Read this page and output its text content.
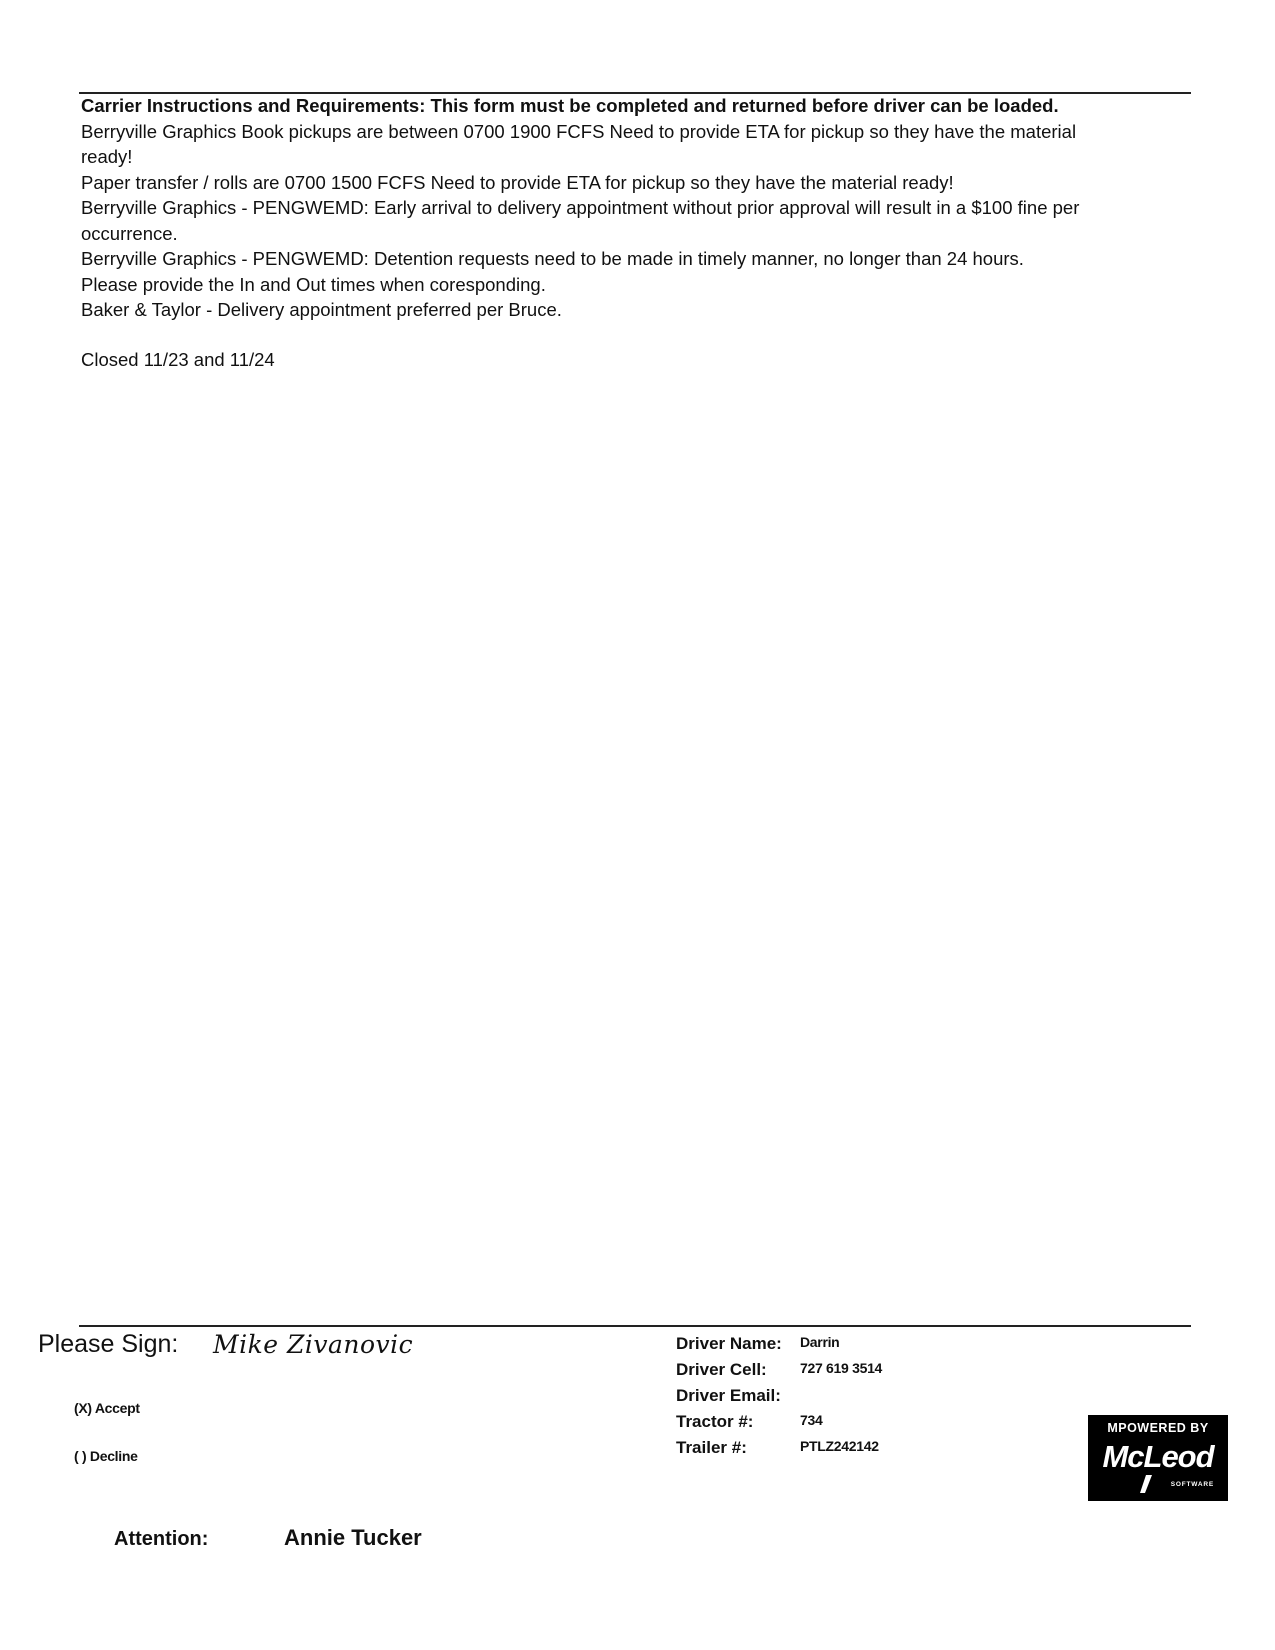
Carrier Instructions and Requirements: This form must be completed and returned before driver can be loaded.
Berryville Graphics Book pickups are between 0700 1900 FCFS Need to provide ETA for pickup so they have the material ready!
Paper transfer / rolls are 0700 1500 FCFS Need to provide ETA for pickup so they have the material ready!
Berryville Graphics - PENGWEMD: Early arrival to delivery appointment without prior approval will result in a $100 fine per occurrence.
Berryville Graphics - PENGWEMD: Detention requests need to be made in timely manner, no longer than 24 hours.
Please provide the In and Out times when coresponding.
Baker & Taylor - Delivery appointment preferred per Bruce.
Closed 11/23 and 11/24
Please Sign: Mike Zivanovic
(X) Accept
( ) Decline
Driver Name: Darrin
Driver Cell: 727 619 3514
Driver Email:
Tractor #:	734
Trailer #:	PTLZ242142
MPOWERED BY
McLeod
SOFTWARE
Attention:	Annie Tucker
